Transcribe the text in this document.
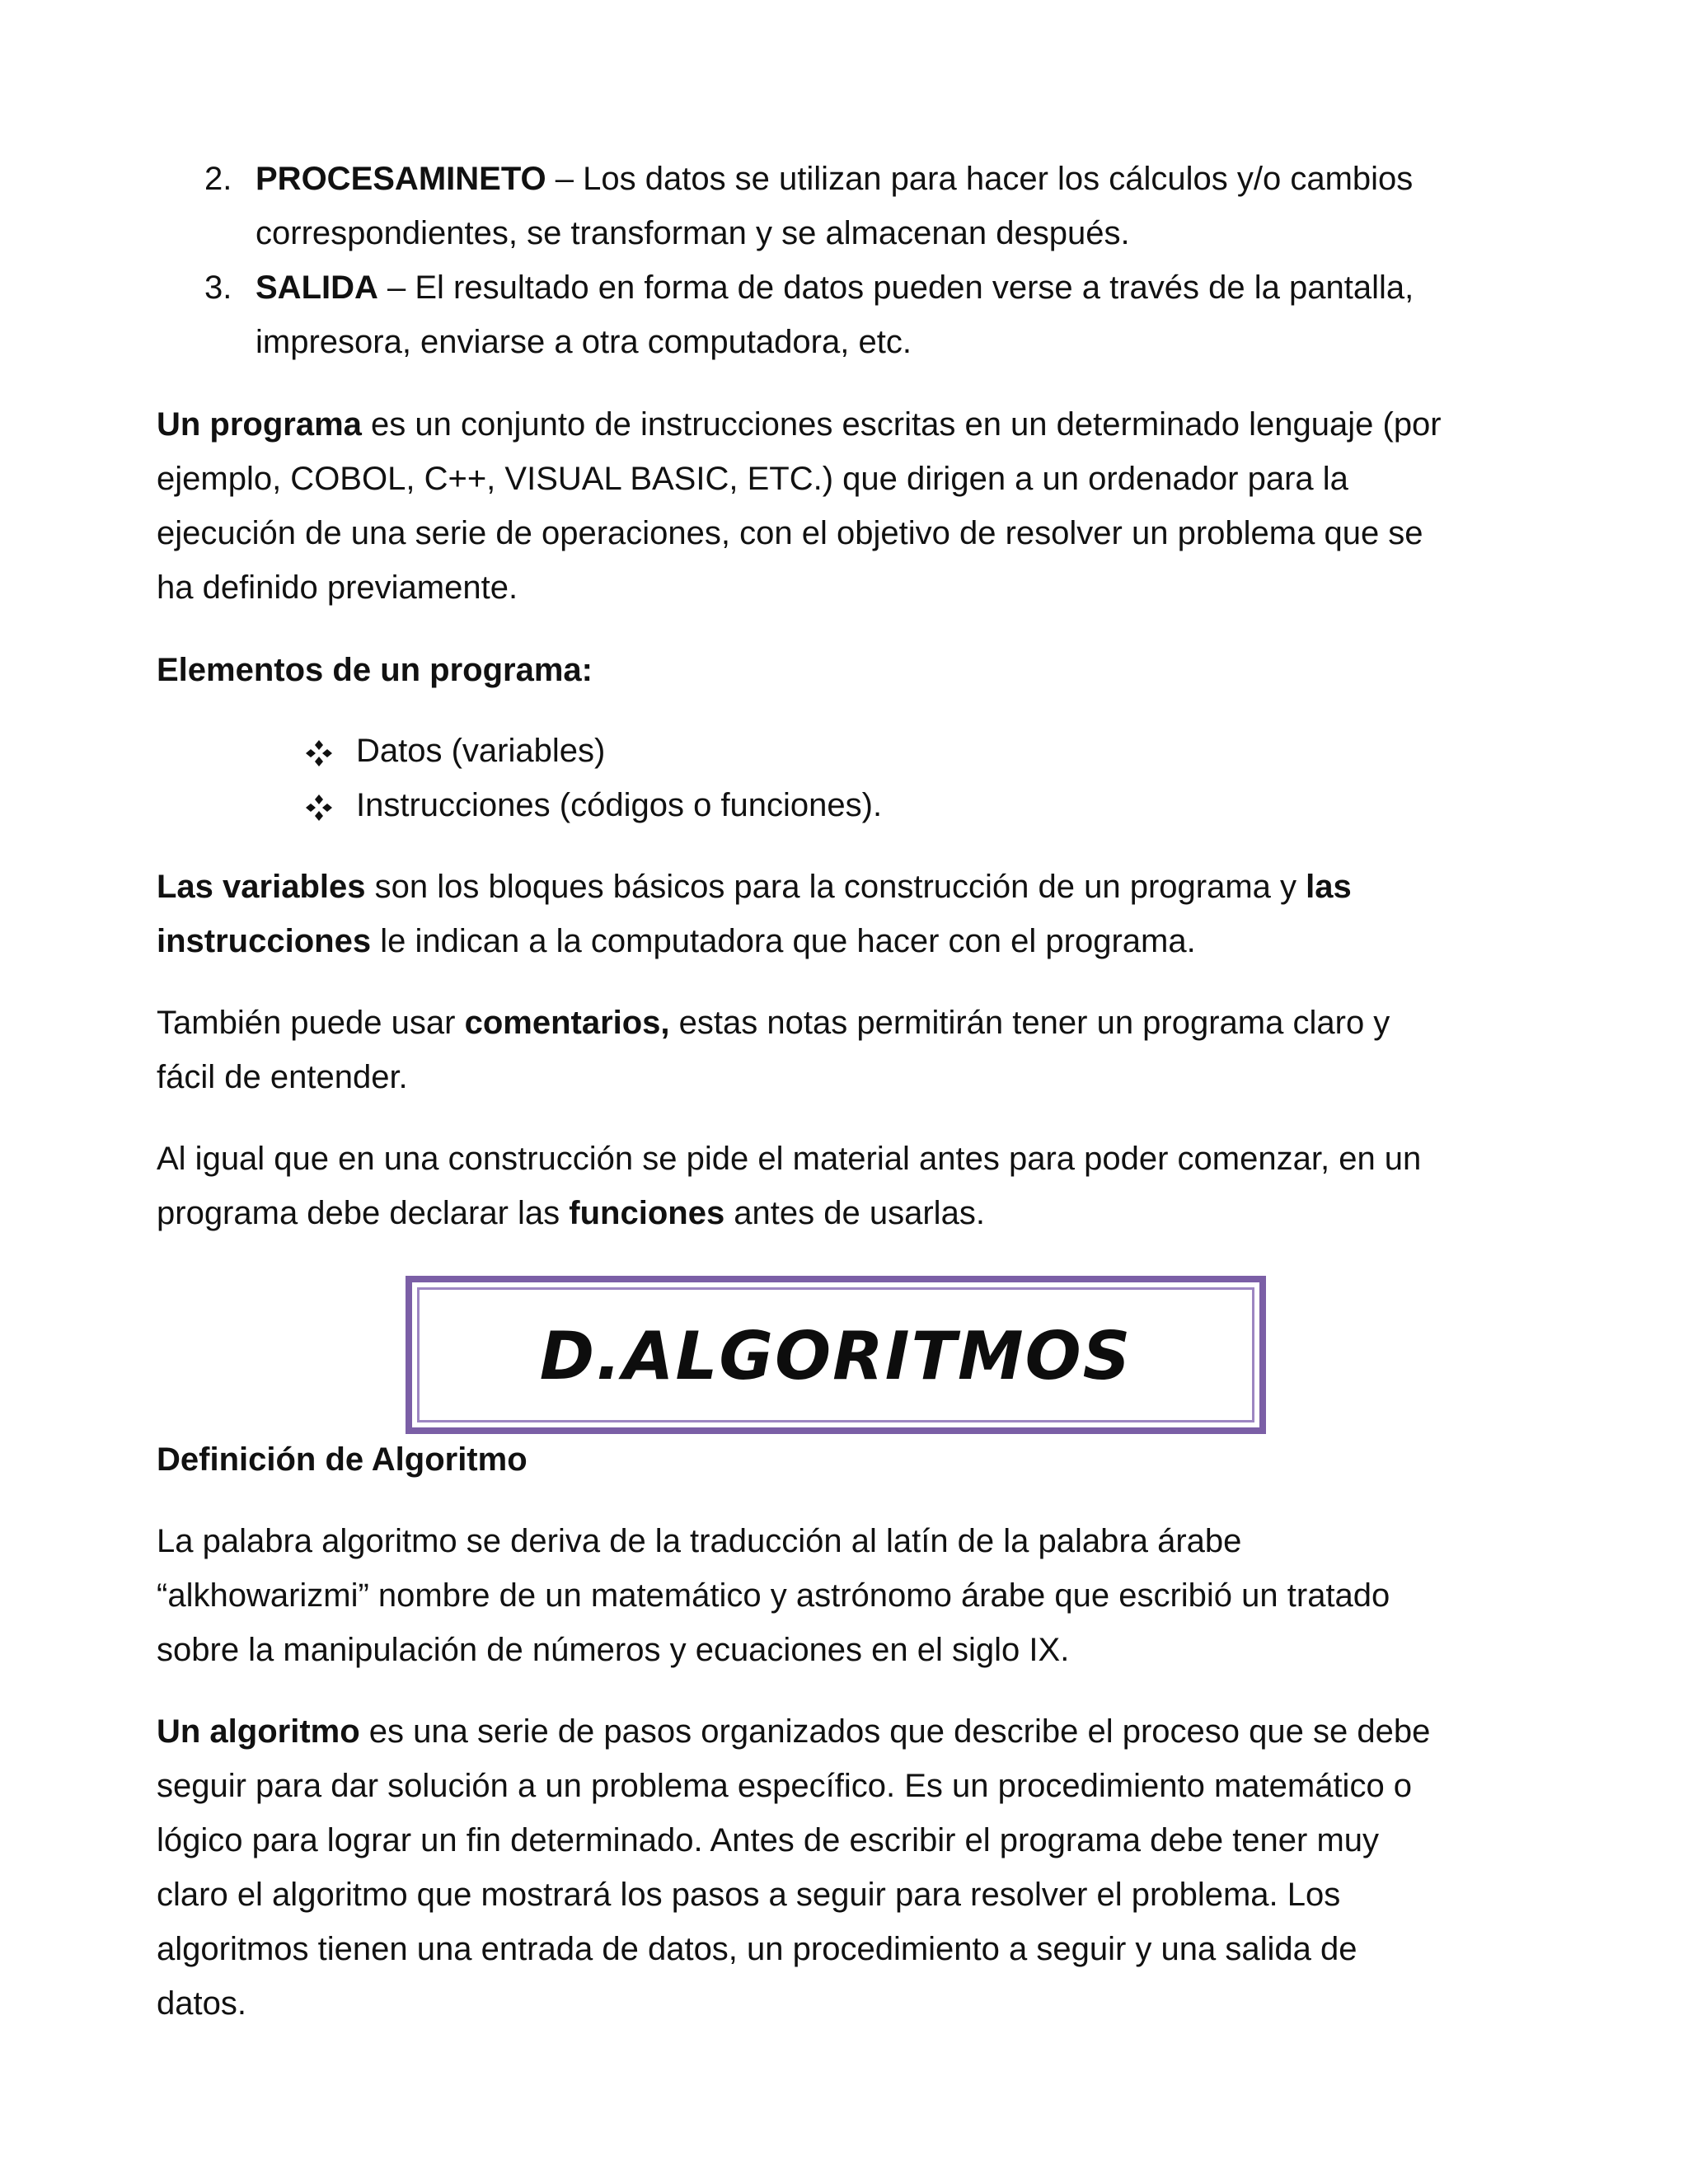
2. PROCESAMINETO – Los datos se utilizan para hacer los cálculos y/o cambios
correspondientes, se transforman y se almacenan después.
3. SALIDA – El resultado en forma de datos pueden verse a través de la pantalla,
impresora, enviarse a otra computadora, etc.
Un programa es un conjunto de instrucciones escritas en un determinado lenguaje (por
ejemplo, COBOL, C++, VISUAL BASIC, ETC.) que dirigen a un ordenador para la
ejecución de una serie de operaciones, con el objetivo de resolver un problema que se
ha definido previamente.
Elementos de un programa:
Datos (variables)
Instrucciones (códigos o funciones).
Las variables son los bloques básicos para la construcción de un programa y las
instrucciones le indican a la computadora que hacer con el programa.
También puede usar comentarios, estas notas permitirán tener un programa claro y
fácil de entender.
Al igual que en una construcción se pide el material antes para poder comenzar, en un
programa debe declarar las funciones antes de usarlas.
D.ALGORITMOS
Definición de Algoritmo
La palabra algoritmo se deriva de la traducción al latín de la palabra árabe
“alkhowarizmi” nombre de un matemático y astrónomo árabe que escribió un tratado
sobre la manipulación de números y ecuaciones en el siglo IX.
Un algoritmo es una serie de pasos organizados que describe el proceso que se debe
seguir para dar solución a un problema específico. Es un procedimiento matemático o
lógico para lograr un fin determinado. Antes de escribir el programa debe tener muy
claro el algoritmo que mostrará los pasos a seguir para resolver el problema. Los
algoritmos tienen una entrada de datos, un procedimiento a seguir y una salida de
datos.
